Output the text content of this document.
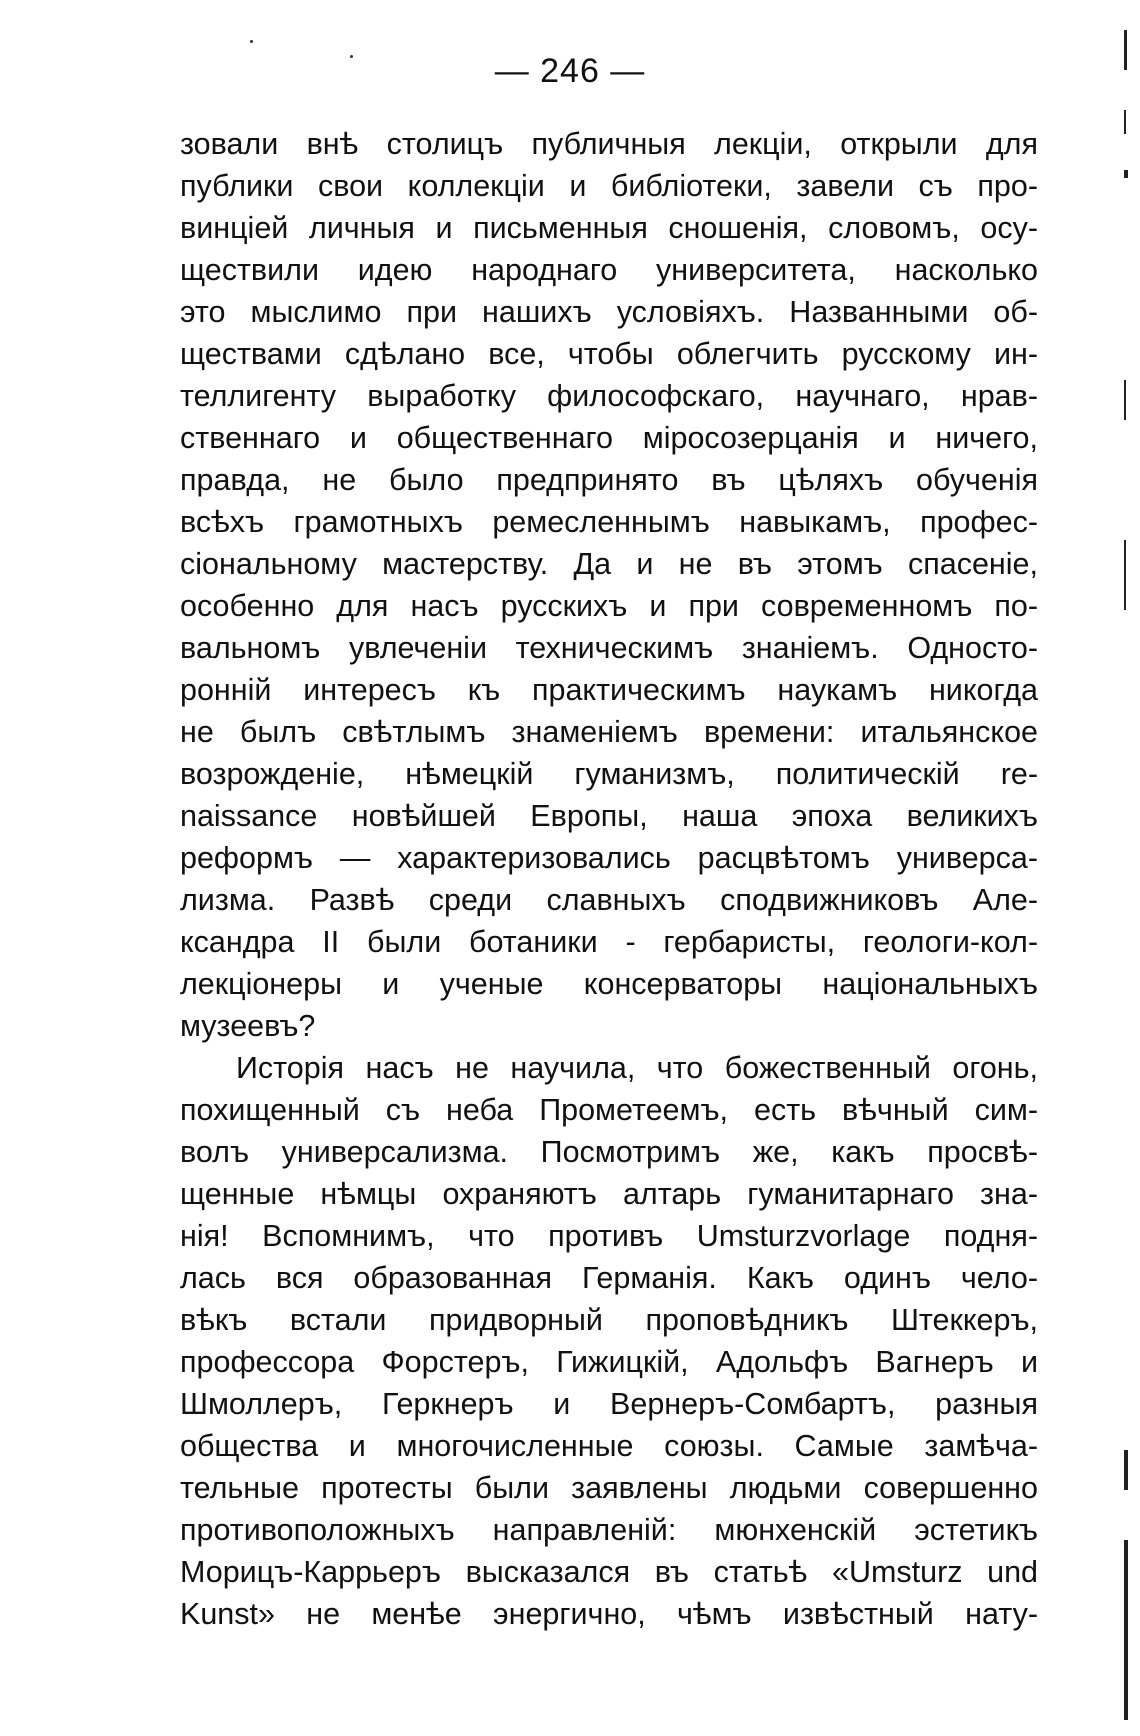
— 246 —
зовали внѣ столицъ публичныя лекціи, открыли для
публики свои коллекціи и библіотеки, завели съ про-
винціей личныя и письменныя сношенія, словомъ, осу-
ществили идею народнаго университета, насколько
это мыслимо при нашихъ условіяхъ. Названными об-
ществами сдѣлано все, чтобы облегчить русскому ин-
теллигенту выработку философскаго, научнаго, нрав-
ственнаго и общественнаго міросозерцанія и ничего,
правда, не было предпринято въ цѣляхъ обученія
всѣхъ грамотныхъ ремесленнымъ навыкамъ, профес-
сіональному мастерству. Да и не въ этомъ спасеніе,
особенно для насъ русскихъ и при современномъ по-
вальномъ увлеченіи техническимъ знаніемъ. Односто-
ронній интересъ къ практическимъ наукамъ никогда
не былъ свѣтлымъ знаменіемъ времени: итальянское
возрожденіе, нѣмецкій гуманизмъ, политическій re-
naissance новѣйшей Европы, наша эпоха великихъ
реформъ — характеризовались расцвѣтомъ универса-
лизма. Развѣ среди славныхъ сподвижниковъ Але-
ксандра II были ботаники - гербаристы, геологи-кол-
лекціонеры и ученые консерваторы національныхъ
музеевъ?
Исторія насъ не научила, что божественный огонь,
похищенный съ неба Прометеемъ, есть вѣчный сим-
волъ универсализма. Посмотримъ же, какъ просвѣ-
щенные нѣмцы охраняютъ алтарь гуманитарнаго зна-
нія! Вспомнимъ, что противъ Umsturzvorlage подня-
лась вся образованная Германія. Какъ одинъ чело-
вѣкъ встали придворный проповѣдникъ Штеккеръ,
профессора Форстеръ, Гижицкій, Адольфъ Вагнеръ и
Шмоллеръ, Геркнеръ и Вернеръ-Сомбартъ, разныя
общества и многочисленные союзы. Самые замѣча-
тельные протесты были заявлены людьми совершенно
противоположныхъ направленій: мюнхенскій эстетикъ
Морицъ-Каррьеръ высказался въ статьѣ «Umsturz und
Kunst» не менѣе энергично, чѣмъ извѣстный нату-
